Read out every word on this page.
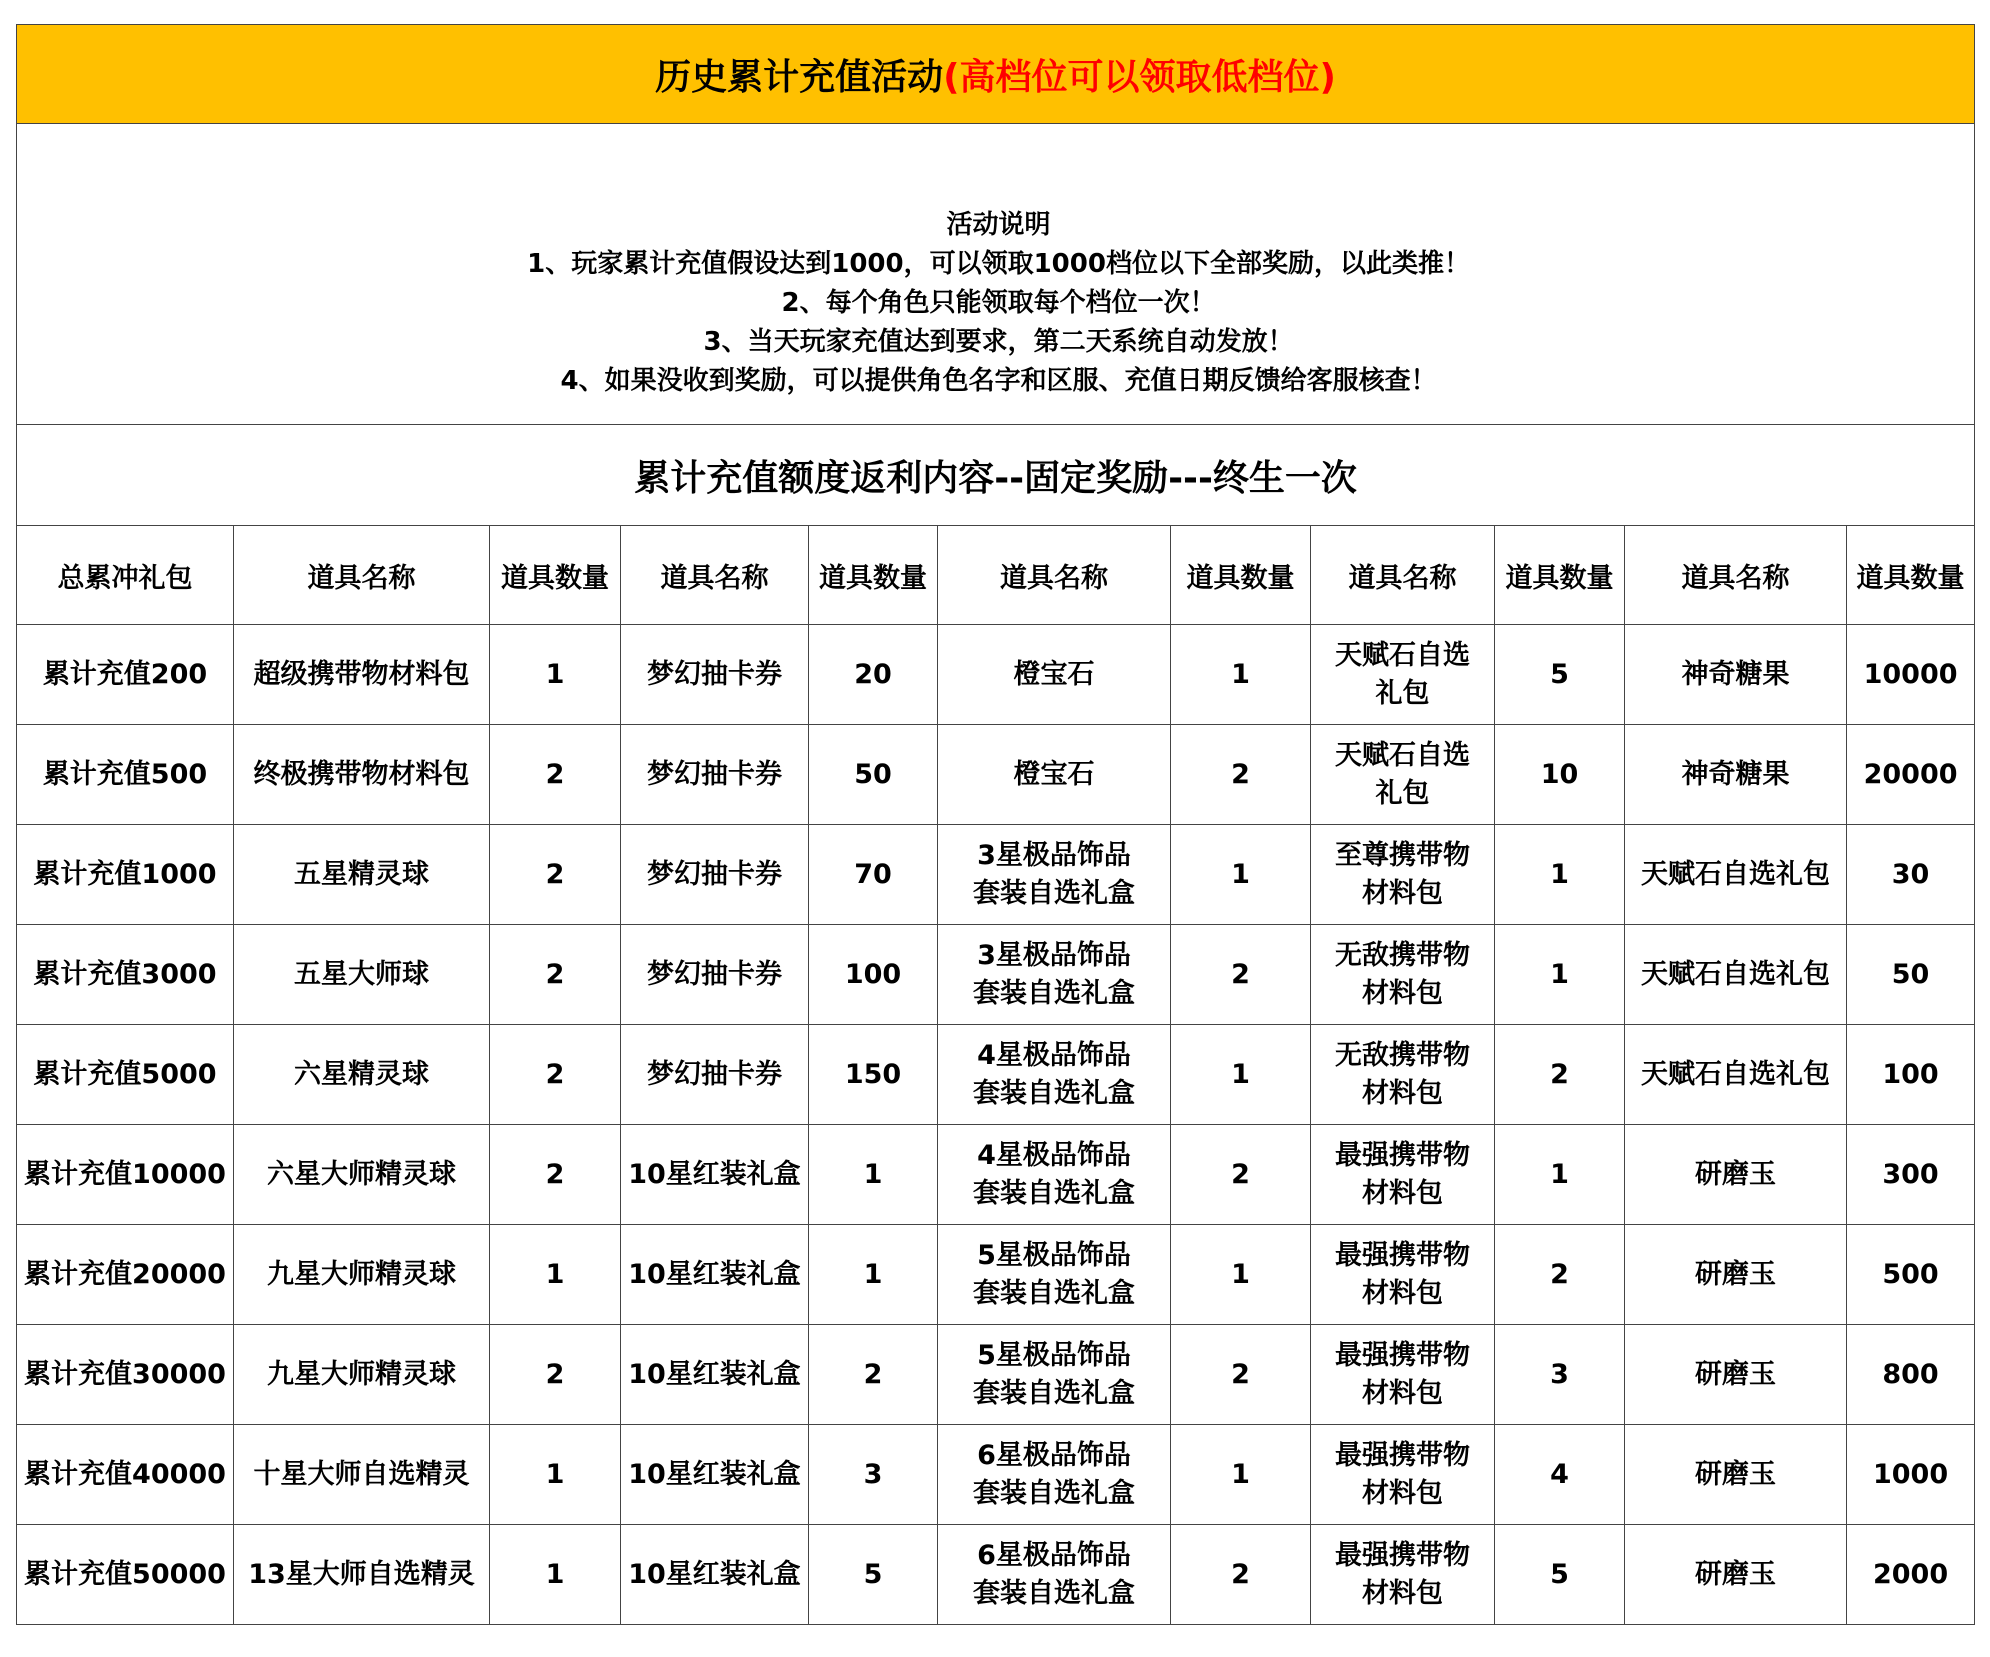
历史累计充值活动(高档位可以领取低档位)										

活动说明
1、玩家累计充值假设达到1000，可以领取1000档位以下全部奖励，以此类推！
2、每个角色只能领取每个档位一次！
3、当天玩家充值达到要求，第二天系统自动发放！
4、如果没收到奖励，可以提供角色名字和区服、充值日期反馈给客服核查！										

累计充值额度返利内容--固定奖励---终生一次										
总累冲礼包	道具名称	道具数量	道具名称	道具数量	道具名称	道具数量	道具名称	道具数量	道具名称	道具数量
累计充值200	超级携带物材料包	1	梦幻抽卡券	20	橙宝石	1	天赋石自选礼包	5	神奇糖果	10000
累计充值500	终极携带物材料包	2	梦幻抽卡券	50	橙宝石	2	天赋石自选礼包	10	神奇糖果	20000
累计充值1000	五星精灵球	2	梦幻抽卡券	70	3星极品饰品套装自选礼盒	1	至尊携带物材料包	1	天赋石自选礼包	30
累计充值3000	五星大师球	2	梦幻抽卡券	100	3星极品饰品套装自选礼盒	2	无敌携带物材料包	1	天赋石自选礼包	50
累计充值5000	六星精灵球	2	梦幻抽卡券	150	4星极品饰品套装自选礼盒	1	无敌携带物材料包	2	天赋石自选礼包	100
累计充值10000	六星大师精灵球	2	10星红装礼盒	1	4星极品饰品套装自选礼盒	2	最强携带物材料包	1	研磨玉	300
累计充值20000	九星大师精灵球	1	10星红装礼盒	1	5星极品饰品套装自选礼盒	1	最强携带物材料包	2	研磨玉	500
累计充值30000	九星大师精灵球	2	10星红装礼盒	2	5星极品饰品套装自选礼盒	2	最强携带物材料包	3	研磨玉	800
累计充值40000	十星大师自选精灵	1	10星红装礼盒	3	6星极品饰品套装自选礼盒	1	最强携带物材料包	4	研磨玉	1000
累计充值50000	13星大师自选精灵	1	10星红装礼盒	5	6星极品饰品套装自选礼盒	2	最强携带物材料包	5	研磨玉	2000
